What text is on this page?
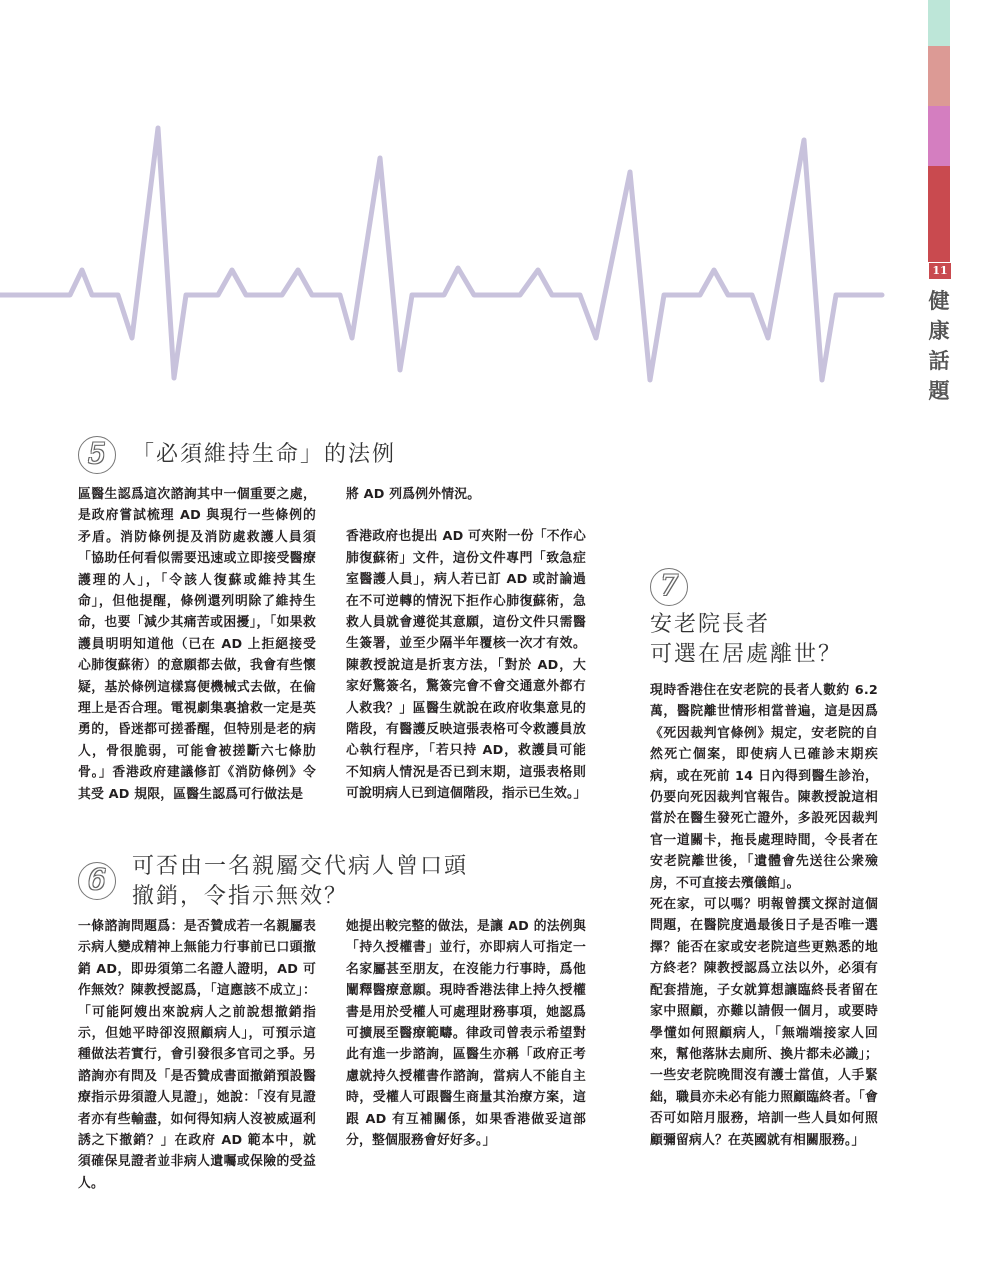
11
健
康
話
題
5	「必須維持生命」的法例

區醫生認爲這次諮詢其中一個重要之處，是政府嘗試梳理 AD 與現行一些條例的矛盾。消防條例提及消防處救護人員須「協助任何看似需要迅速或立即接受醫療護理的人」，「令該人復蘇或維持其生命」，但他提醒，條例還列明除了維持生命，也要「減少其痛苦或困擾」，「如果救護員明明知道他（已在 AD 上拒絕接受心肺復蘇術）的意願都去做，我會有些懷疑，基於條例這樣寫便機械式去做，在倫理上是否合理。電視劇集裏搶救一定是英勇的，昏迷都可搓番醒，但特別是老的病人，骨很脆弱，可能會被搓斷六七條肋骨。」香港政府建議修訂《消防條例》令其受 AD 規限，區醫生認爲可行做法是

將 AD 列爲例外情況。

香港政府也提出 AD 可夾附一份「不作心肺復蘇術」文件，這份文件專門「致急症室醫護人員」，病人若已訂 AD 或討論過在不可逆轉的情況下拒作心肺復蘇術，急救人員就會遵從其意願，這份文件只需醫生簽署，並至少隔半年覆核一次才有效。陳教授說這是折衷方法，「對於 AD，大家好驚簽名，驚簽完會不會交通意外都冇人救我？」區醫生就說在政府收集意見的階段，有醫護反映這張表格可令救護員放心執行程序，「若只持 AD，救護員可能不知病人情況是否已到末期，這張表格則可說明病人已到這個階段，指示已生效。」

6	可否由一名親屬交代病人曾口頭
撤銷，令指示無效？

一條諮詢問題爲：是否贊成若一名親屬表示病人變成精神上無能力行事前已口頭撤銷 AD，即毋須第二名證人證明，AD 可作無效？陳教授認爲，「這應該不成立」：「可能阿嫂出來說病人之前說想撤銷指示，但她平時卻沒照顧病人」，可預示這種做法若實行，會引發很多官司之爭。另諮詢亦有問及「是否贊成書面撤銷預設醫療指示毋須證人見證」，她說：「沒有見證者亦有些輸盡，如何得知病人沒被威逼利誘之下撤銷？」在政府 AD 範本中，就須確保見證者並非病人遺囑或保險的受益人。

她提出較完整的做法，是讓 AD 的法例與「持久授權書」並行，亦即病人可指定一名家屬甚至朋友，在沒能力行事時，爲他闡釋醫療意願。現時香港法律上持久授權書是用於受權人可處理財務事項，她認爲可擴展至醫療範疇。律政司曾表示希望對此有進一步諮詢，區醫生亦稱「政府正考慮就持久授權書作諮詢，當病人不能自主時，受權人可跟醫生商量其治療方案，這跟 AD 有互補關係，如果香港做妥這部分，整個服務會好好多。」

7
安老院長者
可選在居處離世？

現時香港住在安老院的長者人數約 6.2 萬，醫院離世情形相當普遍，這是因爲《死因裁判官條例》規定，安老院的自然死亡個案，即使病人已確診末期疾病，或在死前 14 日內得到醫生診治，仍要向死因裁判官報告。陳教授說這相當於在醫生發死亡證外，多設死因裁判官一道關卡，拖長處理時間，令長者在安老院離世後，「遺體會先送往公衆殮房，不可直接去殯儀館」。

死在家，可以嗎？明報曾撰文探討這個問題，在醫院度過最後日子是否唯一選擇？能否在家或安老院這些更熟悉的地方終老？陳教授認爲立法以外，必須有配套措施，子女就算想讓臨終長者留在家中照顧，亦難以請假一個月，或要時學懂如何照顧病人，「無端端接家人回來，幫他落牀去廁所、換片都未必識」；一些安老院晚間沒有護士當值，人手緊絀，職員亦未必有能力照顧臨終者。「會否可如陪月服務，培訓一些人員如何照顧彌留病人？在英國就有相關服務。」
